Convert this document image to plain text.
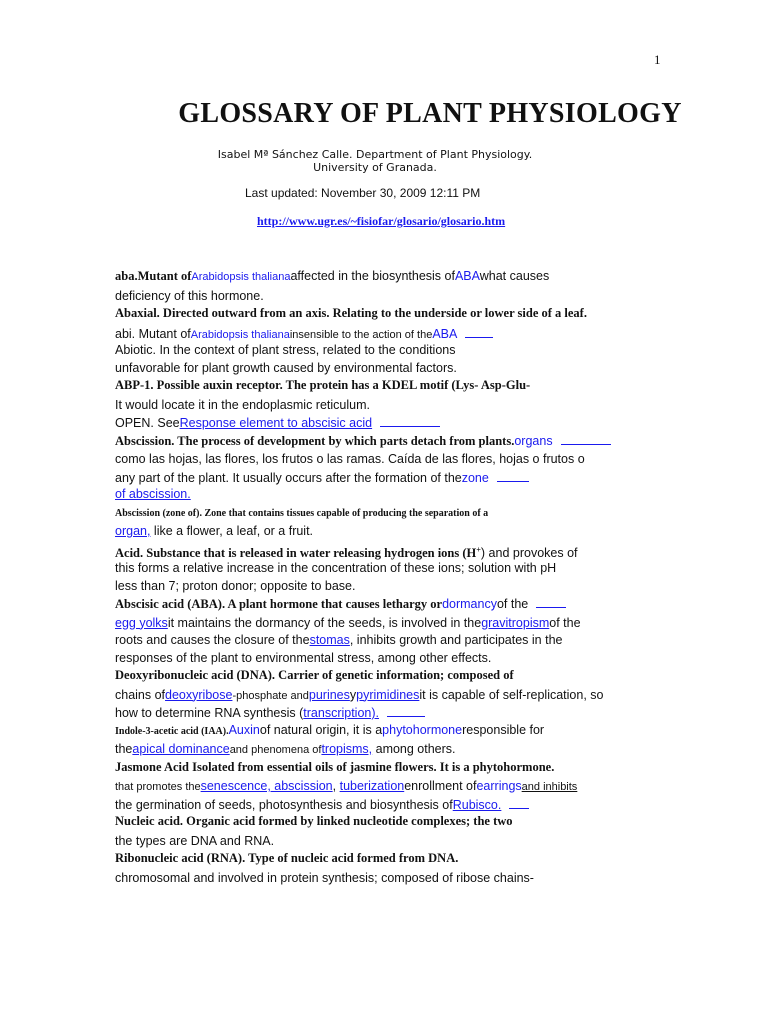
1
GLOSSARY OF PLANT PHYSIOLOGY
Isabel Mª Sánchez Calle. Department of Plant Physiology.
University of Granada.
Last updated: November 30, 2009 12:11 PM
http://www.ugr.es/~fisiofar/glosario/glosario.htm
aba.Mutant ofArabidopsis thalianaaffected in the biosynthesis ofABAwhat causes
deficiency of this hormone.
Abaxial. Directed outward from an axis. Relating to the underside or lower side of a leaf.
abi. Mutant ofArabidopsis thalianainsensible to the action of theABA
Abiotic. In the context of plant stress, related to the conditions
unfavorable for plant growth caused by environmental factors.
ABP-1. Possible auxin receptor. The protein has a KDEL motif (Lys- Asp-Glu-
It would locate it in the endoplasmic reticulum.
OPEN. SeeResponse element to abscisic acid
Abscission. The process of development by which parts detach from plants.organs
como las hojas, las flores, los frutos o las ramas. Caída de las flores, hojas o frutos o
any part of the plant. It usually occurs after the formation of thezone
of abscission.
Abscission (zone of). Zone that contains tissues capable of producing the separation of a
organ, like a flower, a leaf, or a fruit.
Acid. Substance that is released in water releasing hydrogen ions (H+) and provokes of
this forms a relative increase in the concentration of these ions; solution with pH
less than 7; proton donor; opposite to base.
Abscisic acid (ABA). A plant hormone that causes lethargy ordormancyof the
egg yolksit maintains the dormancy of the seeds, is involved in thegravitropismof the
roots and causes the closure of thestomas, inhibits growth and participates in the
responses of the plant to environmental stress, among other effects.
Deoxyribonucleic acid (DNA). Carrier of genetic information; composed of
chains ofdeoxyribose-phosphate andpurinesypyrimidinesit is capable of self-replication, so
how to determine RNA synthesis (transcription).
Indole-3-acetic acid (IAA).Auxinof natural origin, it is aphytohormoneresponsible for
theapical dominanceand phenomena oftropisms, among others.
Jasmone Acid Isolated from essential oils of jasmine flowers. It is a phytohormone.
that promotes thesenescence, abscission, tuberizationenrollment ofearringsand inhibits
the germination of seeds, photosynthesis and biosynthesis ofRubisco.
Nucleic acid. Organic acid formed by linked nucleotide complexes; the two
the types are DNA and RNA.
Ribonucleic acid (RNA). Type of nucleic acid formed from DNA.
chromosomal and involved in protein synthesis; composed of ribose chains-
